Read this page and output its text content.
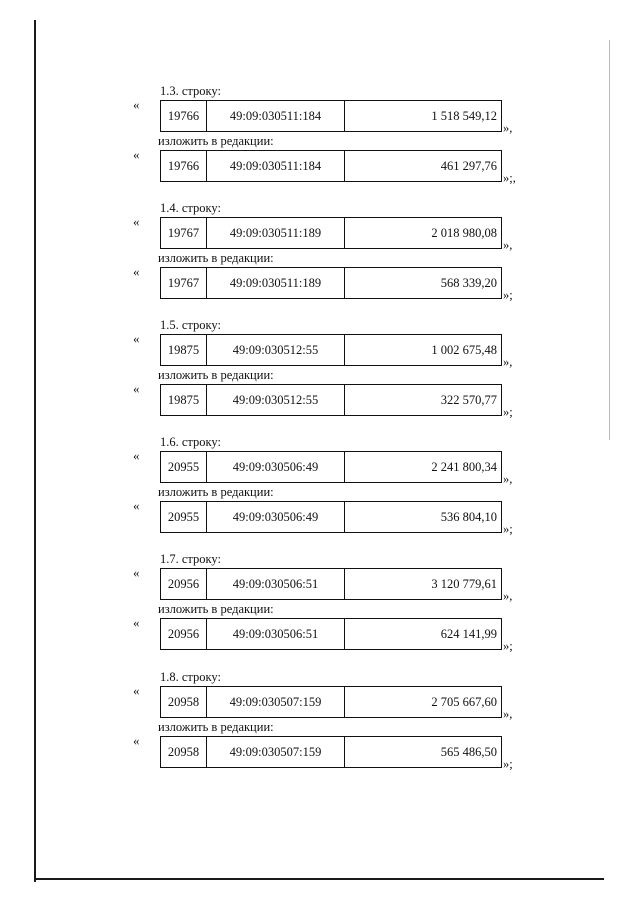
1.3. строку:
«
19766	49:09:030511:184	1 518 549,12
»,
изложить в редакции:
«
19766	49:09:030511:184	461 297,76
»;,
1.4. строку:
«
19767	49:09:030511:189	2 018 980,08
»,
изложить в редакции:
«
19767	49:09:030511:189	568 339,20
»;
1.5. строку:
«
19875	49:09:030512:55	1 002 675,48
»,
изложить в редакции:
«
19875	49:09:030512:55	322 570,77
»;
1.6. строку:
«
20955	49:09:030506:49	2 241 800,34
»,
изложить в редакции:
«
20955	49:09:030506:49	536 804,10
»;
1.7. строку:
«
20956	49:09:030506:51	3 120 779,61
»,
изложить в редакции:
«
20956	49:09:030506:51	624 141,99
»;
1.8. строку:
«
20958	49:09:030507:159	2 705 667,60
»,
изложить в редакции:
«
20958	49:09:030507:159	565 486,50
»;
